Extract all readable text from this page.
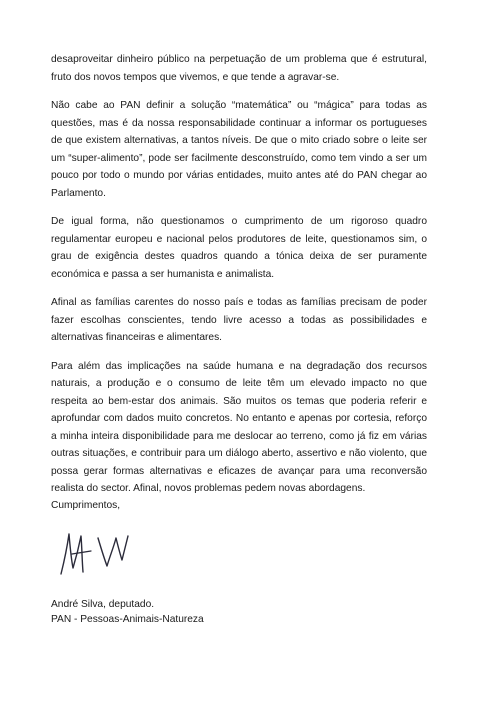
desaproveitar dinheiro público na perpetuação de um problema que é estrutural, fruto dos novos tempos que vivemos, e que tende a agravar-se.

Não cabe ao PAN definir a solução “matemática” ou “mágica” para todas as questões, mas é da nossa responsabilidade continuar a informar os portugueses de que existem alternativas, a tantos níveis. De que o mito criado sobre o leite ser um “super-alimento”, pode ser facilmente desconstruído, como tem vindo a ser um pouco por todo o mundo por várias entidades, muito antes até do PAN chegar ao Parlamento.

De igual forma, não questionamos o cumprimento de um rigoroso quadro regulamentar europeu e nacional pelos produtores de leite, questionamos sim, o grau de exigência destes quadros quando a tónica deixa de ser puramente económica e passa a ser humanista e animalista.

Afinal as famílias carentes do nosso país e todas as famílias precisam de poder fazer escolhas conscientes, tendo livre acesso a todas as possibilidades e alternativas financeiras e alimentares.

Para além das implicações na saúde humana e na degradação dos recursos naturais, a produção e o consumo de leite têm um elevado impacto no que respeita ao bem-estar dos animais. São muitos os temas que poderia referir e aprofundar com dados muito concretos. No entanto e apenas por cortesia, reforço a minha inteira disponibilidade para me deslocar ao terreno, como já fiz em várias outras situações, e contribuir para um diálogo aberto, assertivo e não violento, que possa gerar formas alternativas e eficazes de avançar para uma reconversão realista do sector. Afinal, novos problemas pedem novas abordagens.

Cumprimentos,
André Silva, deputado.
PAN - Pessoas-Animais-Natureza
